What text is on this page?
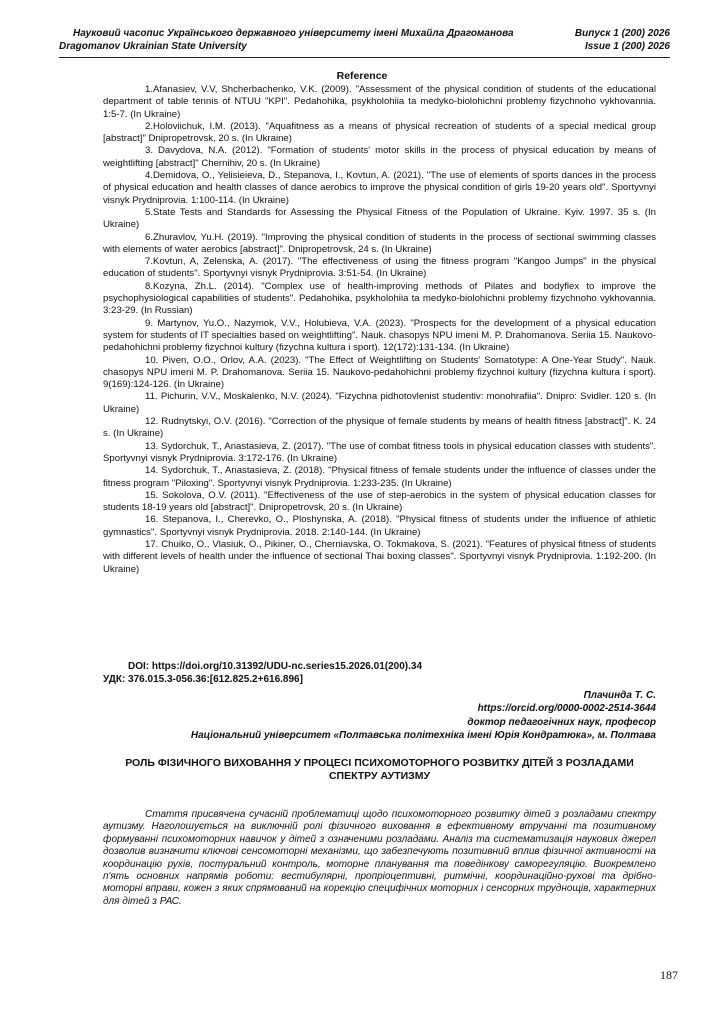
Науковий часопис Українського державного університету імені Михайла Драгоманова	Випуск 1 (200) 2026
Dragomanov Ukrainian State University	Issue 1 (200) 2026
Reference

1.Afanasiev, V.V, Shcherbachenko, V.K. (2009). "Assessment of the physical condition of students of the educational department of table tennis of NTUU "KPI". Pedahohika, psykholohiia ta medyko-biolohichni problemy fizychnoho vykhovannia. 1:5-7. (In Ukraine)

2.Holoviichuk, I.M. (2013). "Aquafitness as a means of physical recreation of students of a special medical group [abstract]" Dnipropetrovsk, 20 s. (In Ukraine)

3. Davydova, N.A. (2012). "Formation of students' motor skills in the process of physical education by means of weightlifting [abstract]" Chernihiv, 20 s. (In Ukraine)

4.Demidova, O., Yelisieieva, D., Stepanova, I., Kovtun, A. (2021). "The use of elements of sports dances in the process of physical education and health classes of dance aerobics to improve the physical condition of girls 19-20 years old". Sportyvnyi visnyk Prydniprovia. 1:100-114. (In Ukraine)

5.State Tests and Standards for Assessing the Physical Fitness of the Population of Ukraine. Kyiv. 1997. 35 s. (In Ukraine)

6.Zhuravlov, Yu.H. (2019). "Improving the physical condition of students in the process of sectional swimming classes with elements of water aerobics [abstract]". Dnipropetrovsk, 24 s. (In Ukraine)

7.Kovtun, A, Zelenska, A. (2017). "The effectiveness of using the fitness program "Kangoo Jumps" in the physical education of students". Sportyvnyi visnyk Prydniprovia. 3:51-54. (In Ukraine)

8.Kozyna, Zh.L. (2014). "Complex use of health-improving methods of Pilates and bodyflex to improve the psychophysiological capabilities of students". Pedahohika, psykholohiia ta medyko-biolohichni problemy fizychnoho vykhovannia. 3:23-29. (In Russian)

9. Martynov, Yu.O., Nazymok, V.V., Holubieva, V.A. (2023). "Prospects for the development of a physical education system for students of IT specialties based on weightlifting". Nauk. chasopys NPU imeni M. P. Drahomanova. Seriia 15. Naukovo-pedahohichni problemy fizychnoi kultury (fizychna kultura i sport). 12(172):131-134. (In Ukraine)

10. Piven, O.O., Orlov, A.A. (2023). "The Effect of Weightlifting on Students' Somatotype: A One-Year Study". Nauk. chasopys NPU imeni M. P. Drahomanova. Seriia 15. Naukovo-pedahohichni problemy fizychnoi kultury (fizychna kultura i sport). 9(169):124-126. (In Ukraine)

11. Pichurin, V.V., Moskalenko, N.V. (2024). "Fizychna pidhotovlenist studentiv: monohrafiia". Dnipro: Svidler. 120 s. (In Ukraine)

12. Rudnytskyi, O.V. (2016). "Correction of the physique of female students by means of health fitness [abstract]". K. 24 s. (In Ukraine)

13. Sydorchuk, T., Anastasieva, Z. (2017). "The use of combat fitness tools in physical education classes with students". Sportyvnyi visnyk Prydniprovia. 3:172-176. (In Ukraine)

14. Sydorchuk, T., Anastasieva, Z. (2018). "Physical fitness of female students under the influence of classes under the fitness program "Piloxing". Sportyvnyi visnyk Prydniprovia. 1:233-235. (In Ukraine)

15. Sokolova, O.V. (2011). "Effectiveness of the use of step-aerobics in the system of physical education classes for students 18-19 years old [abstract]". Dnipropetrovsk, 20 s. (In Ukraine)

16. Stepanova, I., Cherevko, O., Ploshynska, A. (2018). "Physical fitness of students under the influence of athletic gymnastics". Sportyvnyi visnyk Prydniprovia. 2018. 2:140-144. (In Ukraine)

17. Chuiko, O., Vlasiuk, O., Pikiner, O., Cherniavska, O. Tokmakova, S. (2021). "Features of physical fitness of students with different levels of health under the influence of sectional Thai boxing classes". Sportyvnyi visnyk Prydniprovia. 1:192-200. (In Ukraine)

DOI: https://doi.org/10.31392/UDU-nc.series15.2026.01(200).34
УДК: 376.015.3-056.36:[612.825.2+616.896]
Плачинда Т. С.
https://orcid.org/0000-0002-2514-3644
доктор педагогічних наук, професор
Національний університет «Полтавська політехніка імені Юрія Кондратюка», м. Полтава
РОЛЬ ФІЗИЧНОГО ВИХОВАННЯ У ПРОЦЕСІ ПСИХОМОТОРНОГО РОЗВИТКУ ДІТЕЙ З РОЗЛАДАМИ СПЕКТРУ АУТИЗМУ

Стаття присвячена сучасній проблематиці щодо психомоторного розвитку дітей з розладами спектру аутизму. Наголошується на виключній ролі фізичного виховання в ефективному втручанні та позитивному формуванні психомоторних навичок у дітей з означеними розладами. Аналіз та систематизація наукових джерел дозволив визначити ключові сенсомоторні механізми, що забезпечують позитивний вплив фізичної активності на координацію рухів, постуральний контроль, моторне планування та поведінкову саморегуляцію. Виокремлено п'ять основних напрямів роботи: вестибулярні, пропріоцептивні, ритмічні, координаційно-рухові та дрібно-моторні вправи, кожен з яких спрямований на корекцію специфічних моторних і сенсорних труднощів, характерних для дітей з РАС.

187
